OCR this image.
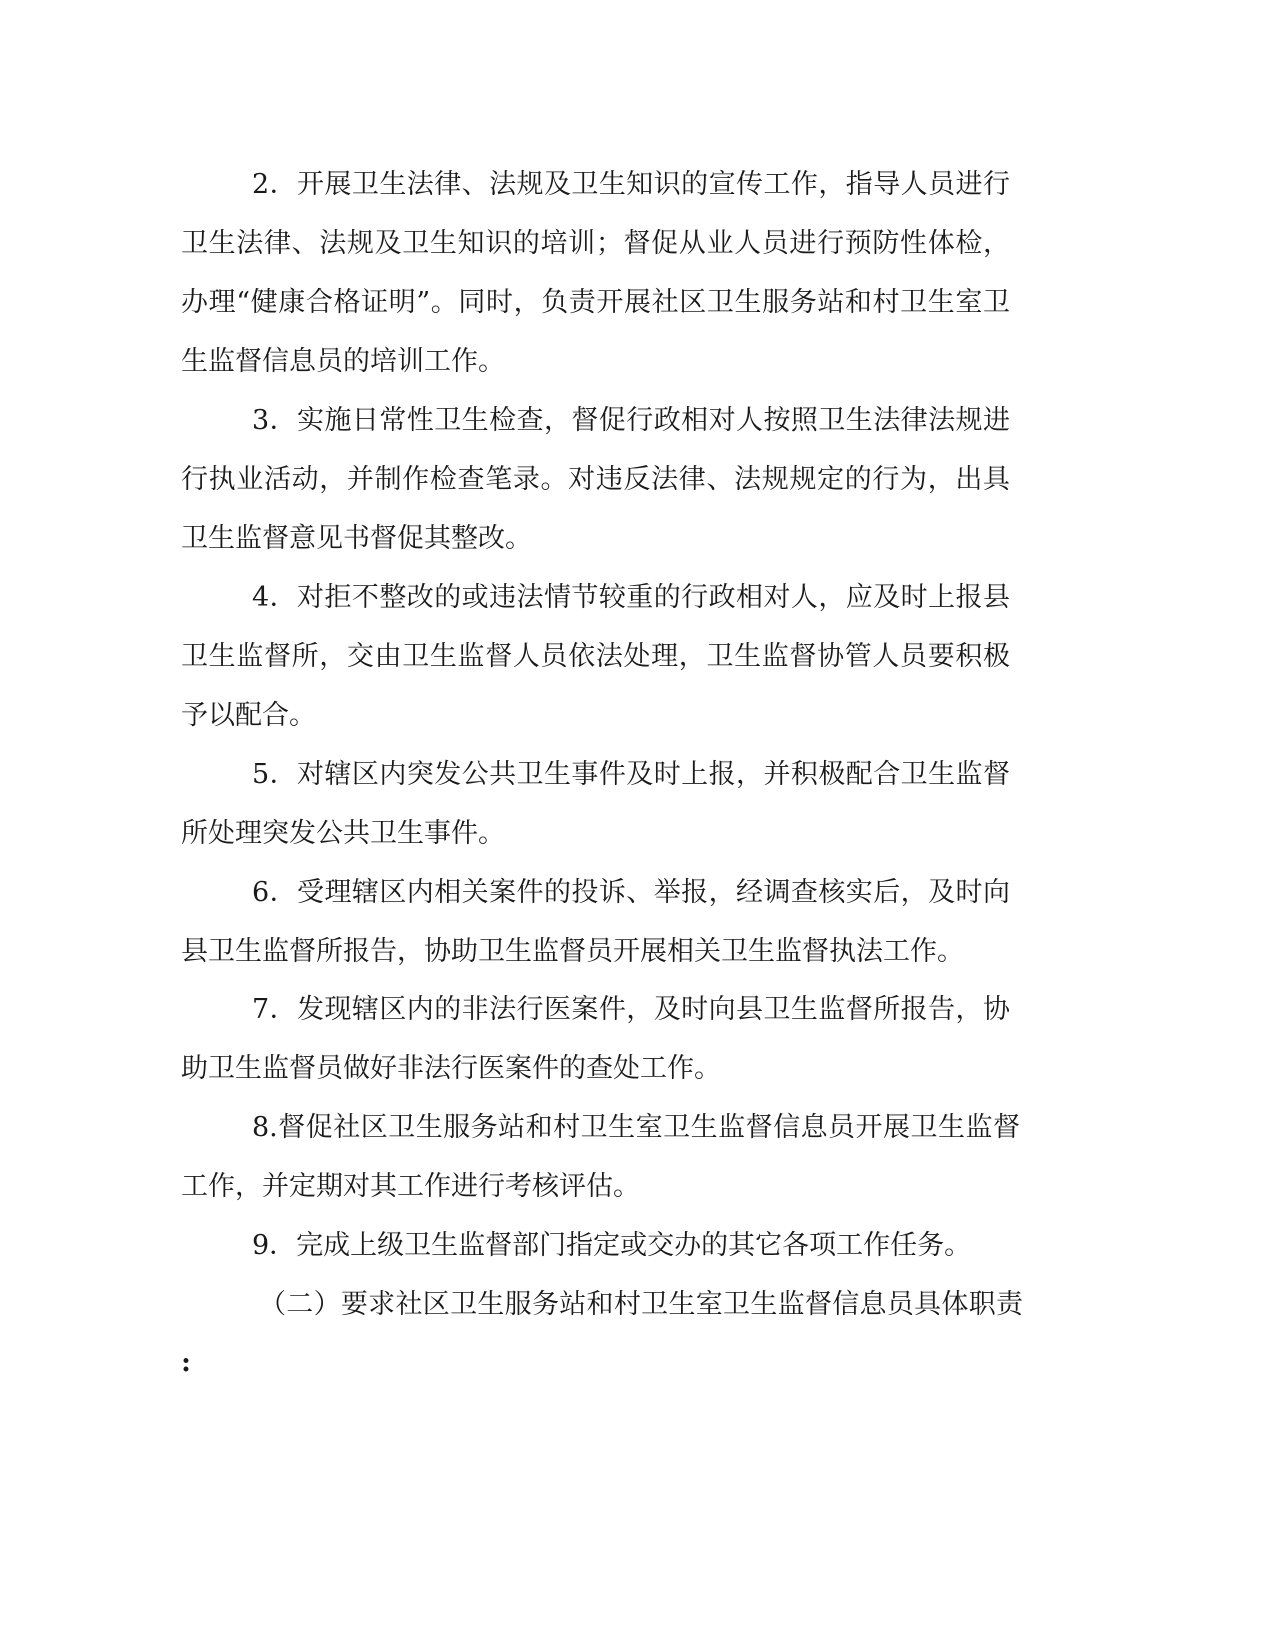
2．开展卫生法律、法规及卫生知识的宣传工作，指导人员进行
卫生法律、法规及卫生知识的培训；督促从业人员进行预防性体检，
办理“健康合格证明”。同时，负责开展社区卫生服务站和村卫生室卫
生监督信息员的培训工作。
3．实施日常性卫生检查，督促行政相对人按照卫生法律法规进
行执业活动，并制作检查笔录。对违反法律、法规规定的行为，出具
卫生监督意见书督促其整改。
4．对拒不整改的或违法情节较重的行政相对人，应及时上报县
卫生监督所，交由卫生监督人员依法处理，卫生监督协管人员要积极
予以配合。
5．对辖区内突发公共卫生事件及时上报，并积极配合卫生监督
所处理突发公共卫生事件。
6．受理辖区内相关案件的投诉、举报，经调查核实后，及时向
县卫生监督所报告，协助卫生监督员开展相关卫生监督执法工作。
7．发现辖区内的非法行医案件，及时向县卫生监督所报告，协
助卫生监督员做好非法行医案件的查处工作。
8.督促社区卫生服务站和村卫生室卫生监督信息员开展卫生监督
工作，并定期对其工作进行考核评估。
9．完成上级卫生监督部门指定或交办的其它各项工作任务。
（二）要求社区卫生服务站和村卫生室卫生监督信息员具体职责
:
